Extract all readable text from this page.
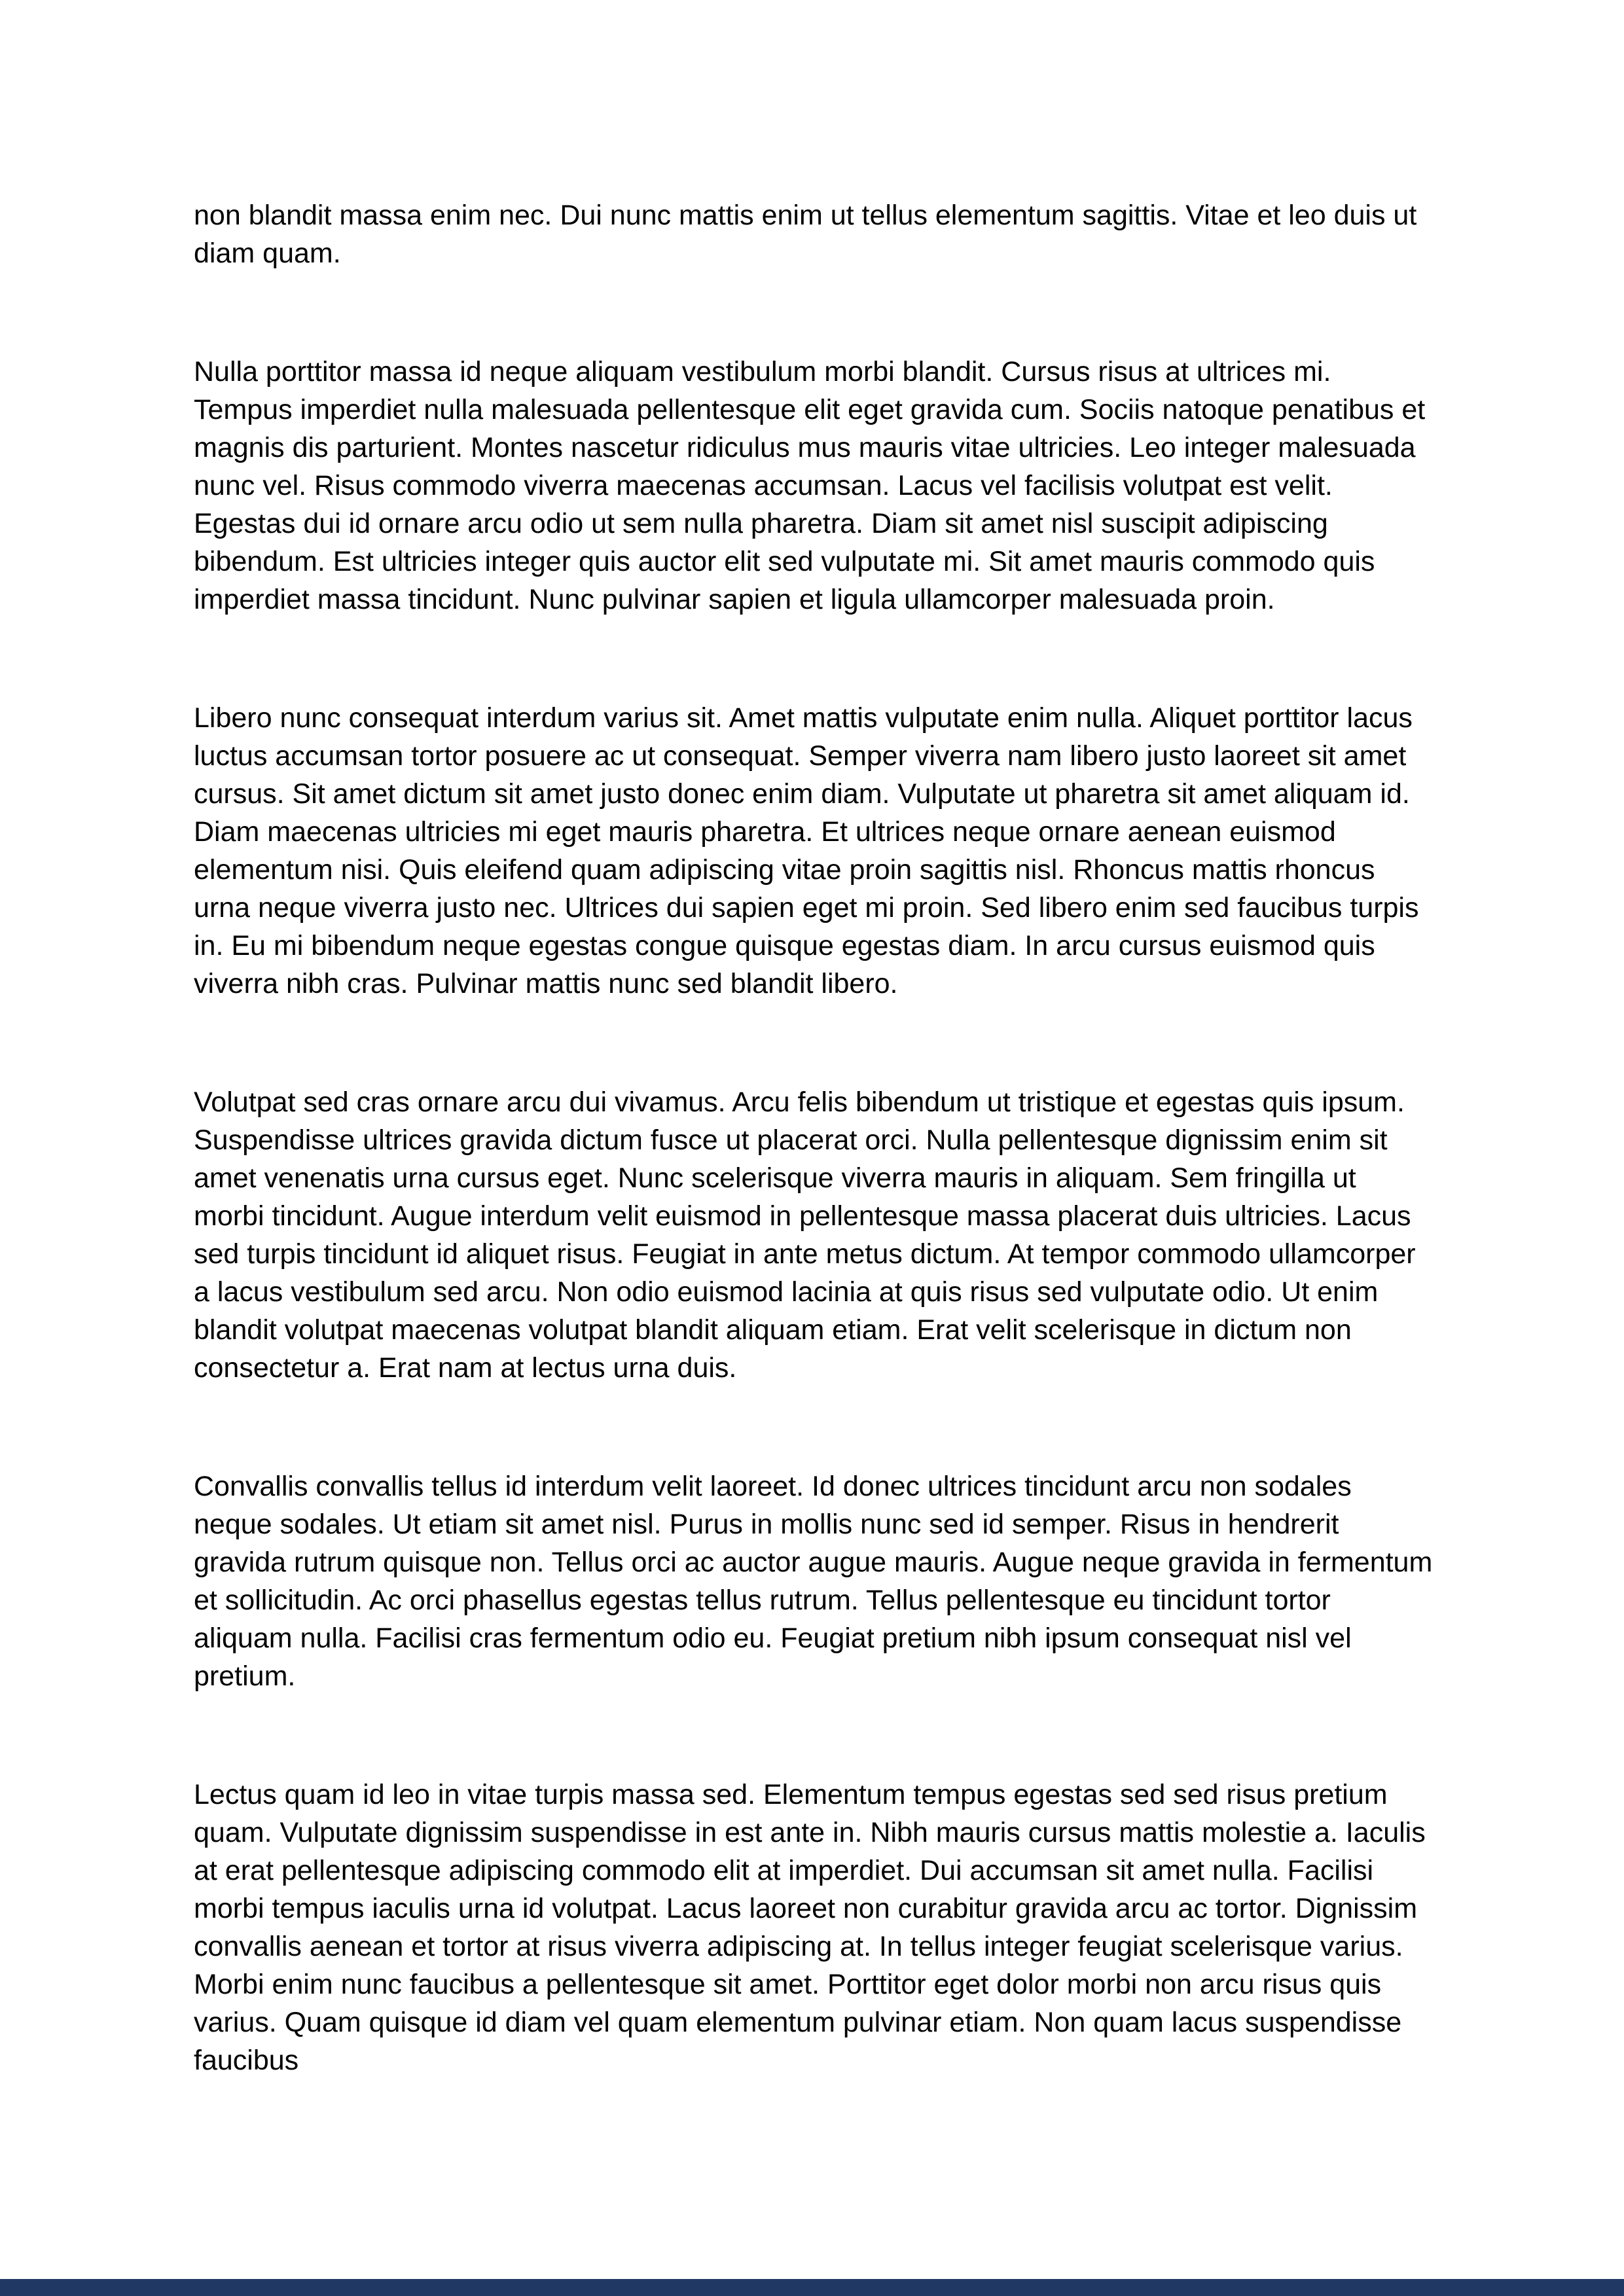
non blandit massa enim nec. Dui nunc mattis enim ut tellus elementum sagittis. Vitae et leo duis ut diam quam.

Nulla porttitor massa id neque aliquam vestibulum morbi blandit. Cursus risus at ultrices mi. Tempus imperdiet nulla malesuada pellentesque elit eget gravida cum. Sociis natoque penatibus et magnis dis parturient. Montes nascetur ridiculus mus mauris vitae ultricies. Leo integer malesuada nunc vel. Risus commodo viverra maecenas accumsan. Lacus vel facilisis volutpat est velit. Egestas dui id ornare arcu odio ut sem nulla pharetra. Diam sit amet nisl suscipit adipiscing bibendum. Est ultricies integer quis auctor elit sed vulputate mi. Sit amet mauris commodo quis imperdiet massa tincidunt. Nunc pulvinar sapien et ligula ullamcorper malesuada proin.

Libero nunc consequat interdum varius sit. Amet mattis vulputate enim nulla. Aliquet porttitor lacus luctus accumsan tortor posuere ac ut consequat. Semper viverra nam libero justo laoreet sit amet cursus. Sit amet dictum sit amet justo donec enim diam. Vulputate ut pharetra sit amet aliquam id. Diam maecenas ultricies mi eget mauris pharetra. Et ultrices neque ornare aenean euismod elementum nisi. Quis eleifend quam adipiscing vitae proin sagittis nisl. Rhoncus mattis rhoncus urna neque viverra justo nec. Ultrices dui sapien eget mi proin. Sed libero enim sed faucibus turpis in. Eu mi bibendum neque egestas congue quisque egestas diam. In arcu cursus euismod quis viverra nibh cras. Pulvinar mattis nunc sed blandit libero.

Volutpat sed cras ornare arcu dui vivamus. Arcu felis bibendum ut tristique et egestas quis ipsum. Suspendisse ultrices gravida dictum fusce ut placerat orci. Nulla pellentesque dignissim enim sit amet venenatis urna cursus eget. Nunc scelerisque viverra mauris in aliquam. Sem fringilla ut morbi tincidunt. Augue interdum velit euismod in pellentesque massa placerat duis ultricies. Lacus sed turpis tincidunt id aliquet risus. Feugiat in ante metus dictum. At tempor commodo ullamcorper a lacus vestibulum sed arcu. Non odio euismod lacinia at quis risus sed vulputate odio. Ut enim blandit volutpat maecenas volutpat blandit aliquam etiam. Erat velit scelerisque in dictum non consectetur a. Erat nam at lectus urna duis.

Convallis convallis tellus id interdum velit laoreet. Id donec ultrices tincidunt arcu non sodales neque sodales. Ut etiam sit amet nisl. Purus in mollis nunc sed id semper. Risus in hendrerit gravida rutrum quisque non. Tellus orci ac auctor augue mauris. Augue neque gravida in fermentum et sollicitudin. Ac orci phasellus egestas tellus rutrum. Tellus pellentesque eu tincidunt tortor aliquam nulla. Facilisi cras fermentum odio eu. Feugiat pretium nibh ipsum consequat nisl vel pretium.

Lectus quam id leo in vitae turpis massa sed. Elementum tempus egestas sed sed risus pretium quam. Vulputate dignissim suspendisse in est ante in. Nibh mauris cursus mattis molestie a. Iaculis at erat pellentesque adipiscing commodo elit at imperdiet. Dui accumsan sit amet nulla. Facilisi morbi tempus iaculis urna id volutpat. Lacus laoreet non curabitur gravida arcu ac tortor. Dignissim convallis aenean et tortor at risus viverra adipiscing at. In tellus integer feugiat scelerisque varius. Morbi enim nunc faucibus a pellentesque sit amet. Porttitor eget dolor morbi non arcu risus quis varius. Quam quisque id diam vel quam elementum pulvinar etiam. Non quam lacus suspendisse faucibus
